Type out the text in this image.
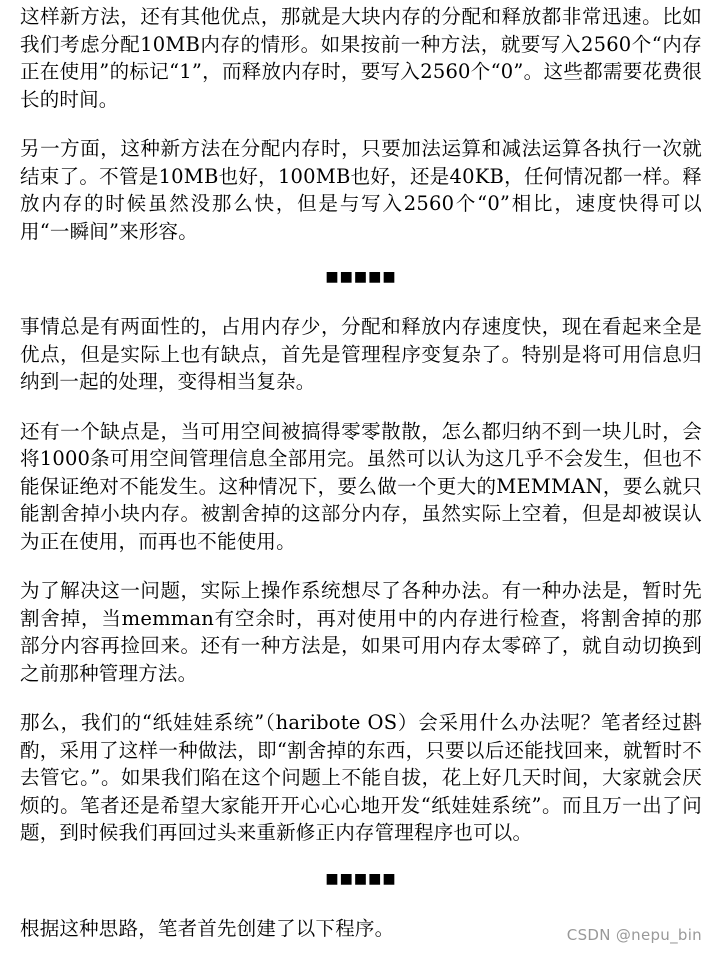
这样新方法，还有其他优点，那就是大块内存的分配和释放都非常迅速。比如我们考虑分配10MB内存的情形。如果按前一种方法，就要写入2560个“内存正在使用”的标记“1”，而释放内存时，要写入2560个“0”。这些都需要花费很长的时间。

另一方面，这种新方法在分配内存时，只要加法运算和减法运算各执行一次就结束了。不管是10MB也好，100MB也好，还是40KB，任何情况都一样。释放内存的时候虽然没那么快，但是与写入2560个“0”相比，速度快得可以用“一瞬间”来形容。

■■■■■

事情总是有两面性的，占用内存少，分配和释放内存速度快，现在看起来全是优点，但是实际上也有缺点，首先是管理程序变复杂了。特别是将可用信息归纳到一起的处理，变得相当复杂。

还有一个缺点是，当可用空间被搞得零零散散，怎么都归纳不到一块儿时，会将1000条可用空间管理信息全部用完。虽然可以认为这几乎不会发生，但也不能保证绝对不能发生。这种情况下，要么做一个更大的MEMMAN，要么就只能割舍掉小块内存。被割舍掉的这部分内存，虽然实际上空着，但是却被误认为正在使用，而再也不能使用。

为了解决这一问题，实际上操作系统想尽了各种办法。有一种办法是，暂时先割舍掉，当memman有空余时，再对使用中的内存进行检查，将割舍掉的那部分内容再捡回来。还有一种方法是，如果可用内存太零碎了，就自动切换到之前那种管理方法。

那么，我们的“纸娃娃系统”（haribote OS）会采用什么办法呢？笔者经过斟酌，采用了这样一种做法，即“割舍掉的东西，只要以后还能找回来，就暂时不去管它。”。如果我们陷在这个问题上不能自拔，花上好几天时间，大家就会厌烦的。笔者还是希望大家能开开心心心地开发“纸娃娃系统”。而且万一出了问题，到时候我们再回过头来重新修正内存管理程序也可以。

■■■■■

根据这种思路，笔者首先创建了以下程序。	CSDN @nepu_bin
